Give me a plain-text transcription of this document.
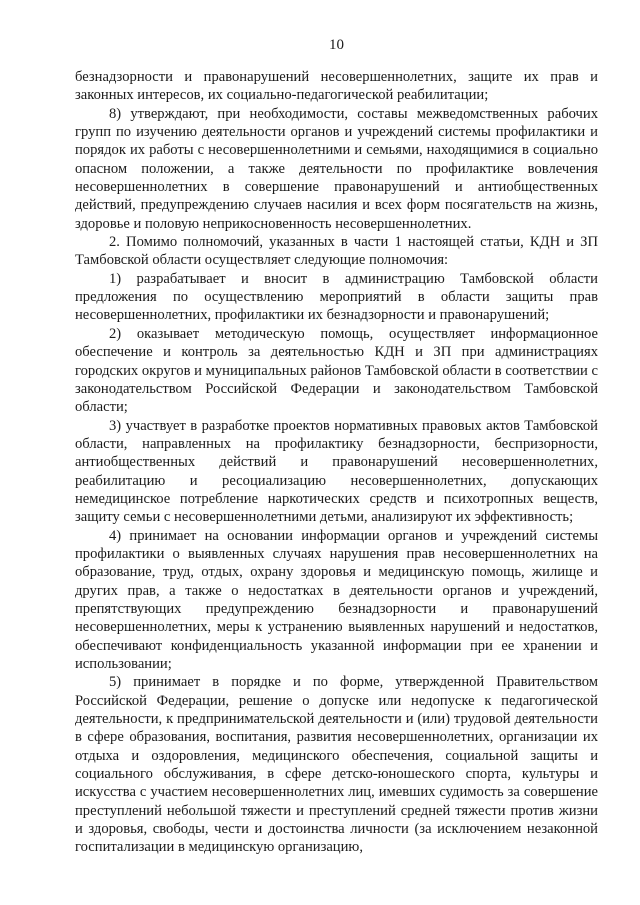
10

безнадзорности и правонарушений несовершеннолетних, защите их прав и законных интересов, их социально-педагогической реабилитации;

8) утверждают, при необходимости, составы межведомственных рабочих групп по изучению деятельности органов и учреждений системы профилактики и порядок их работы с несовершеннолетними и семьями, находящимися в социально опасном положении, а также деятельности по профилактике вовлечения несовершеннолетних в совершение правонарушений и антиобщественных действий, предупреждению случаев насилия и всех форм посягательств на жизнь, здоровье и половую неприкосновенность несовершеннолетних.

2. Помимо полномочий, указанных в части 1 настоящей статьи, КДН и ЗП Тамбовской области осуществляет следующие полномочия:

1) разрабатывает и вносит в администрацию Тамбовской области предложения по осуществлению мероприятий в области защиты прав несовершеннолетних, профилактики их безнадзорности и правонарушений;

2) оказывает методическую помощь, осуществляет информационное обеспечение и контроль за деятельностью КДН и ЗП при администрациях городских округов и муниципальных районов Тамбовской области в соответствии с законодательством Российской Федерации и законодательством Тамбовской области;

3) участвует в разработке проектов нормативных правовых актов Тамбовской области, направленных на профилактику безнадзорности, беспризорности, антиобщественных действий и правонарушений несовершеннолетних, реабилитацию и ресоциализацию несовершеннолетних, допускающих немедицинское потребление наркотических средств и психотропных веществ, защиту семьи с несовершеннолетними детьми, анализируют их эффективность;

4) принимает на основании информации органов и учреждений системы профилактики о выявленных случаях нарушения прав несовершеннолетних на образование, труд, отдых, охрану здоровья и медицинскую помощь, жилище и других прав, а также о недостатках в деятельности органов и учреждений, препятствующих предупреждению безнадзорности и правонарушений несовершеннолетних, меры к устранению выявленных нарушений и недостатков, обеспечивают конфиденциальность указанной информации при ее хранении и использовании;

5) принимает в порядке и по форме, утвержденной Правительством Российской Федерации, решение о допуске или недопуске к педагогической деятельности, к предпринимательской деятельности и (или) трудовой деятельности в сфере образования, воспитания, развития несовершеннолетних, организации их отдыха и оздоровления, медицинского обеспечения, социальной защиты и социального обслуживания, в сфере детско-юношеского спорта, культуры и искусства с участием несовершеннолетних лиц, имевших судимость за совершение преступлений небольшой тяжести и преступлений средней тяжести против жизни и здоровья, свободы, чести и достоинства личности (за исключением незаконной госпитализации в медицинскую организацию,
